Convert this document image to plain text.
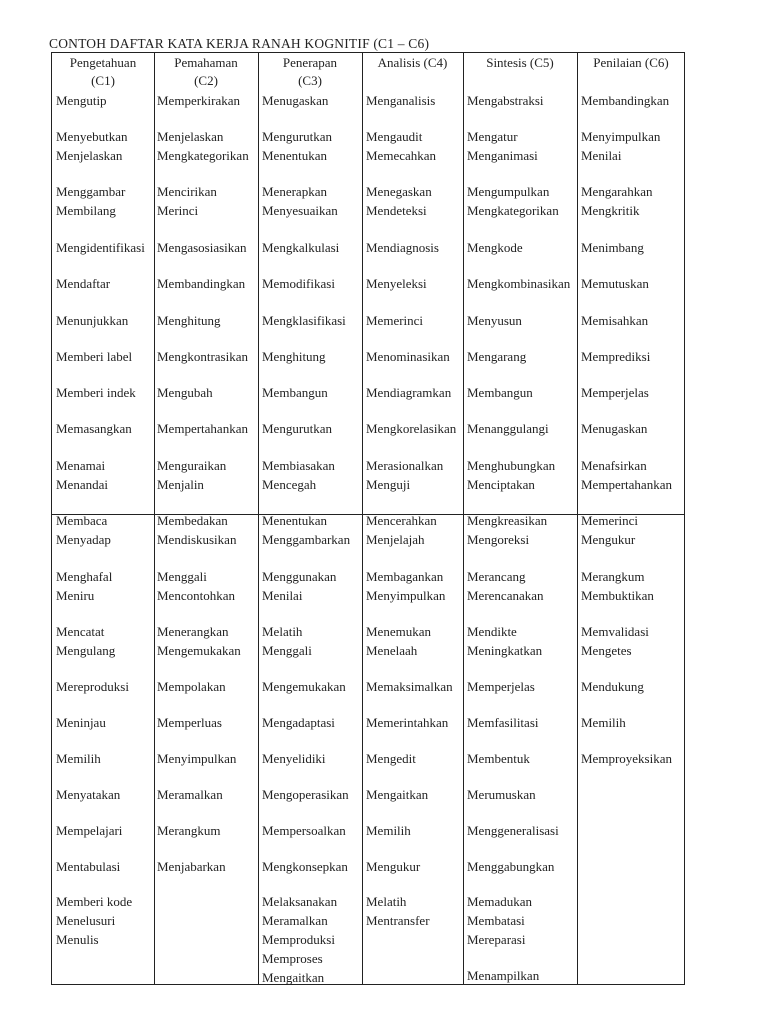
CONTOH DAFTAR KATA KERJA RANAH KOGNITIF (C1 – C6)
Pengetahuan
(C1)
Pemahaman
(C2)
Penerapan
(C3)
Analisis (C4)	Sintesis (C5)	Penilaian (C6)
Mengutip
Menyebutkan
Menjelaskan
Menggambar
Membilang
Mengidentifikasi
Mendaftar
Menunjukkan
Memberi label
Memberi indek
Memasangkan
Menamai
Menandai
Membaca
Menyadap
Menghafal
Meniru
Mencatat
Mengulang
Mereproduksi
Meninjau
Memilih
Menyatakan
Mempelajari
Mentabulasi
Memberi kode
Menelusuri
Menulis
Memperkirakan
Menjelaskan
Mengkategorikan
Mencirikan
Merinci
Mengasosiasikan
Membandingkan
Menghitung
Mengkontrasikan
Mengubah
Mempertahankan
Menguraikan
Menjalin
Membedakan
Mendiskusikan
Menggali
Mencontohkan
Menerangkan
Mengemukakan
Mempolakan
Memperluas
Menyimpulkan
Meramalkan
Merangkum
Menjabarkan
Menugaskan
Mengurutkan
Menentukan
Menerapkan
Menyesuaikan
Mengkalkulasi
Memodifikasi
Mengklasifikasi
Menghitung
Membangun
Mengurutkan
Membiasakan
Mencegah
Menentukan
Menggambarkan
Menggunakan
Menilai
Melatih
Menggali
Mengemukakan
Mengadaptasi
Menyelidiki
Mengoperasikan
Mempersoalkan
Mengkonsepkan
Melaksanakan
Meramalkan
Memproduksi
Memproses
Mengaitkan
Menganalisis
Mengaudit
Memecahkan
Menegaskan
Mendeteksi
Mendiagnosis
Menyeleksi
Memerinci
Menominasikan
Mendiagramkan
Mengkorelasikan
Merasionalkan
Menguji
Mencerahkan
Menjelajah
Membagankan
Menyimpulkan
Menemukan
Menelaah
Memaksimalkan
Memerintahkan
Mengedit
Mengaitkan
Memilih
Mengukur
Melatih
Mentransfer
Mengabstraksi
Mengatur
Menganimasi
Mengumpulkan
Mengkategorikan
Mengkode
Mengkombinasikan
Menyusun
Mengarang
Membangun
Menanggulangi
Menghubungkan
Menciptakan
Mengkreasikan
Mengoreksi
Merancang
Merencanakan
Mendikte
Meningkatkan
Memperjelas
Memfasilitasi
Membentuk
Merumuskan
Menggeneralisasi
Menggabungkan
Memadukan
Membatasi
Mereparasi
Menampilkan
Membandingkan
Menyimpulkan
Menilai
Mengarahkan
Mengkritik
Menimbang
Memutuskan
Memisahkan
Memprediksi
Memperjelas
Menugaskan
Menafsirkan
Mempertahankan
Memerinci
Mengukur
Merangkum
Membuktikan
Memvalidasi
Mengetes
Mendukung
Memilih
Memproyeksikan
